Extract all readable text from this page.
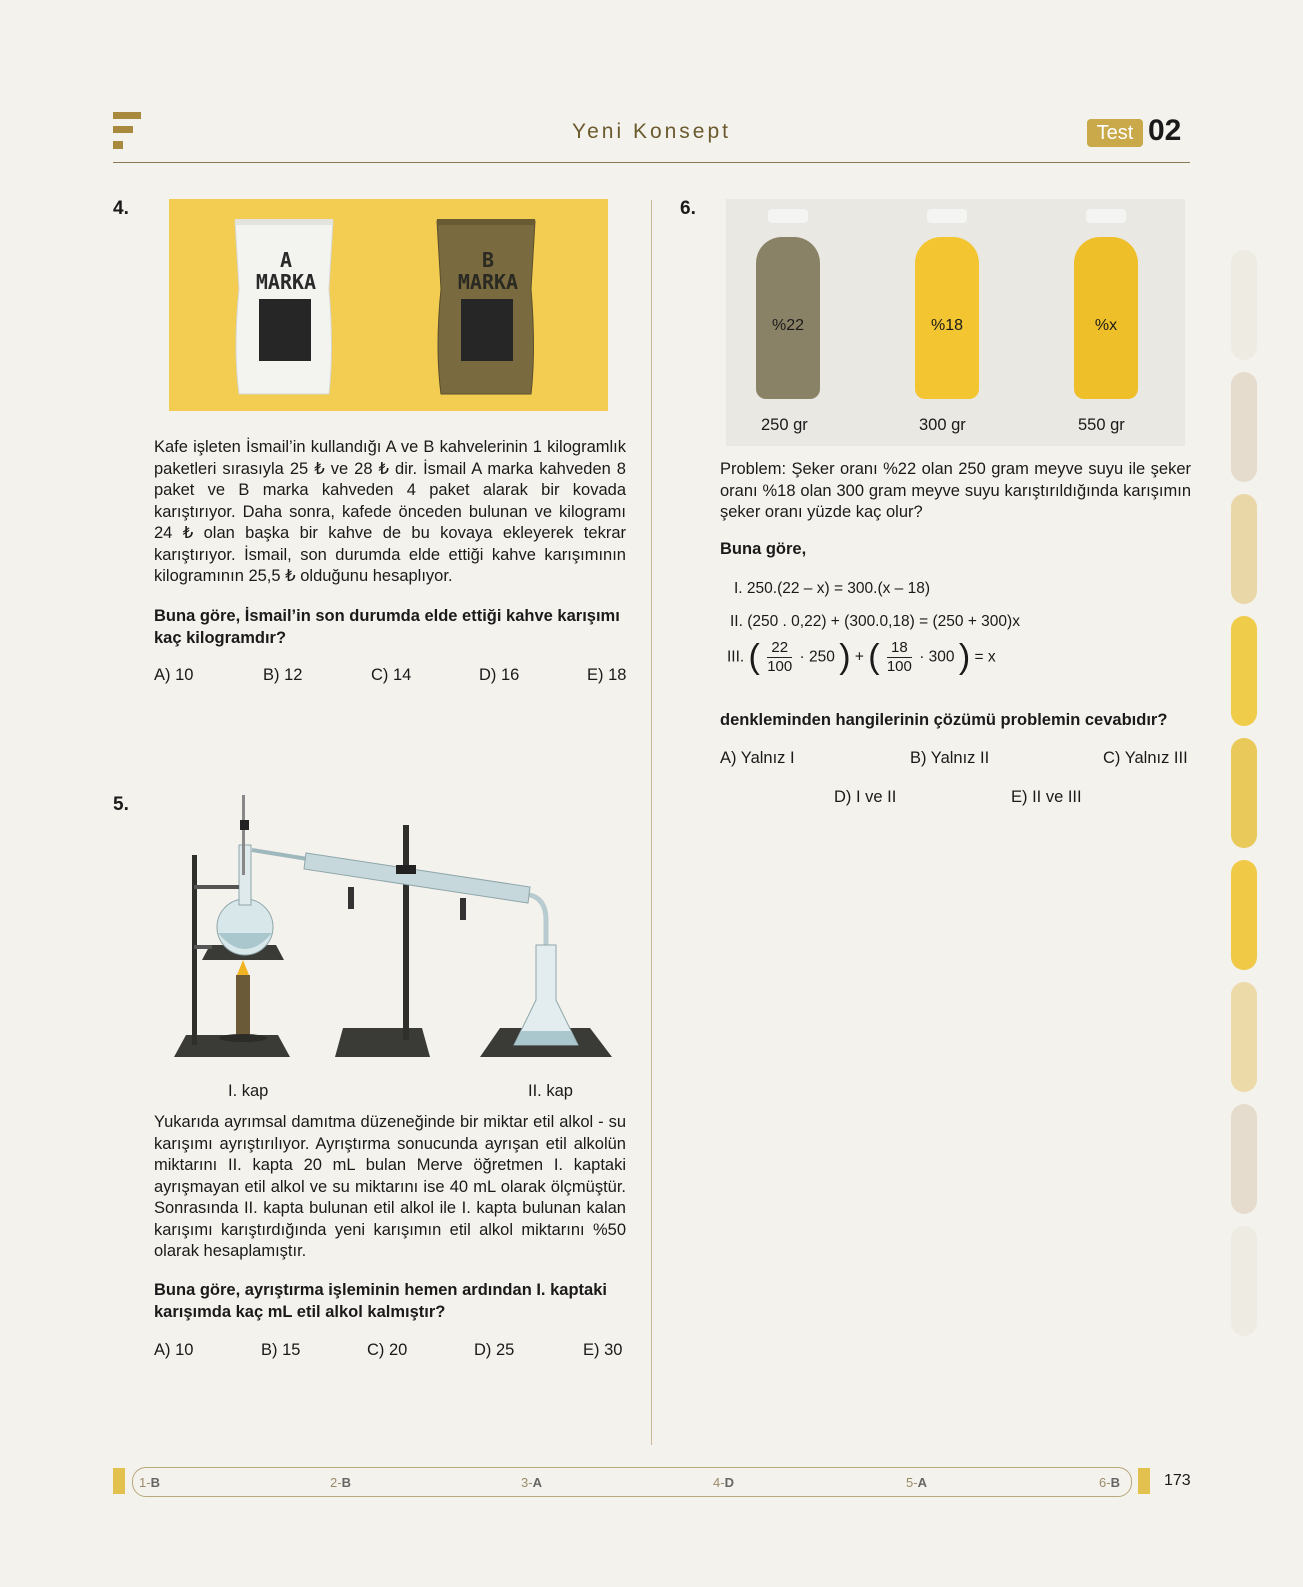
Yeni Konsept	Test 02
4.
A
MARKA
B
MARKA
Kafe işleten İsmail’in kullandığı A ve B kahvelerinin 1 kilogramlık paketleri sırasıyla 25 ₺ ve 28 ₺ dir. İsmail A marka kahveden 8 paket ve B marka kahveden 4 paket alarak bir kovada karıştırıyor. Daha sonra, kafede önceden bulunan ve kilogramı 24 ₺ olan başka bir kahve de bu kovaya ekleyerek tekrar karıştırıyor. İsmail, son durumda elde ettiği kahve karışımının kilogramının 25,5 ₺ olduğunu hesaplıyor.
Buna göre, İsmail’in son durumda elde ettiği kahve karışımı kaç kilogramdır?
A) 10	B) 12	C) 14	D) 16	E) 18
5.
I. kap	II. kap
Yukarıda ayrımsal damıtma düzeneğinde bir miktar etil alkol - su karışımı ayrıştırılıyor. Ayrıştırma sonucunda ayrışan etil alkolün miktarını II. kapta 20 mL bulan Merve öğretmen I. kaptaki ayrışmayan etil alkol ve su miktarını ise 40 mL olarak ölçmüştür. Sonrasında II. kapta bulunan etil alkol ile I. kapta bulunan kalan karışımı karıştırdığında yeni karışımın etil alkol miktarını %50 olarak hesaplamıştır.
Buna göre, ayrıştırma işleminin hemen ardından I. kaptaki karışımda kaç mL etil alkol kalmıştır?
A) 10	B) 15	C) 20	D) 25	E) 30
6.
%22	%18	%x
250 gr	300 gr	550 gr
Problem: Şeker oranı %22 olan 250 gram meyve suyu ile şeker oranı %18 olan 300 gram meyve suyu karıştırıldığında karışımın şeker oranı yüzde kaç olur?
Buna göre,
I. 250.(22 – x) = 300.(x – 18)
II. (250 . 0,22) + (300.0,18) = (250 + 300)x
III. ( $\frac{22}{100} \cdot 250$ ) + ( $\frac{18}{100} \cdot 300$ ) = x
denkleminden hangilerinin çözümü problemin cevabıdır?
A) Yalnız I	B) Yalnız II	C) Yalnız III
D) I ve II	E) II ve III
1-B	2-B	3-A	4-D	5-A	6-B	173
